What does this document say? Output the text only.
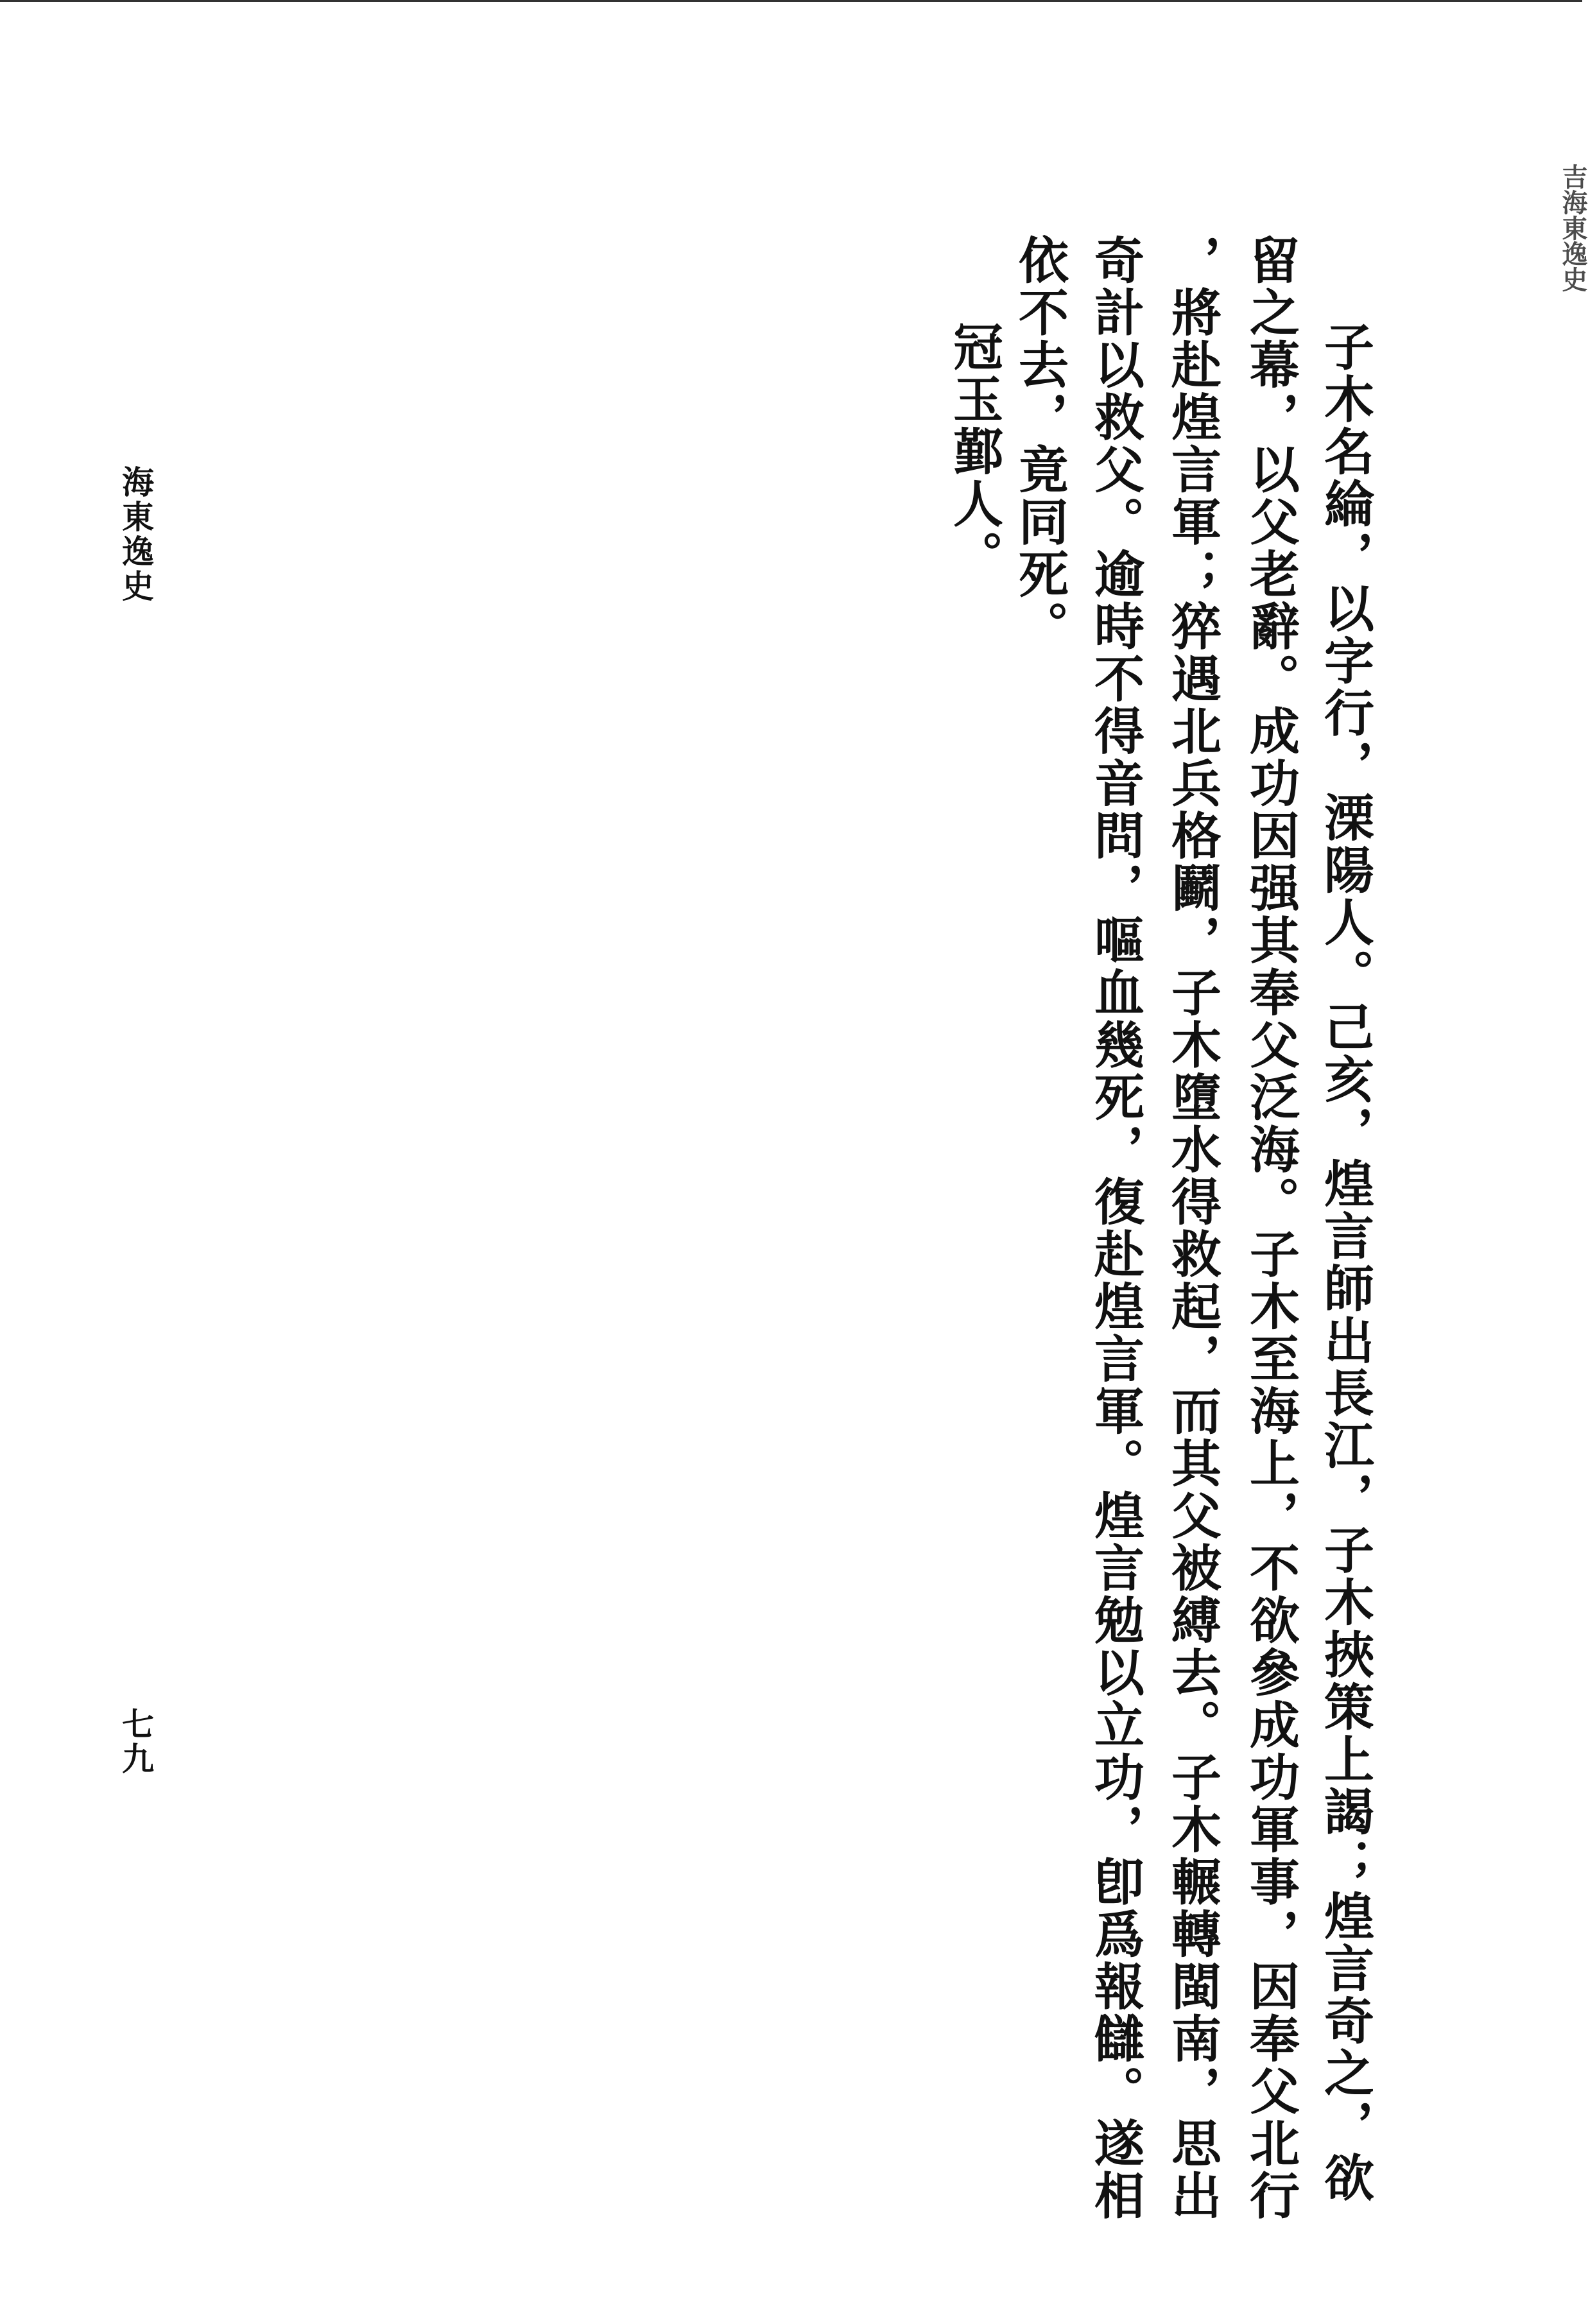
吉海東逸史
子木名綸，以字行，溧陽人。己亥，煌言師出長江，子木挾策上謁；煌言奇之，欲
留之幕，以父老辭。成功因强其奉父泛海。子木至海上，不欲參成功軍事，因奉父北行
，將赴煌言軍；猝遇北兵格鬬，子木墮水得救起，而其父被縛去。子木輾轉閩南，思出
奇計以救父。逾時不得音問，嘔血幾死，復赴煌言軍。煌言勉以立功，卽爲報讎。遂相
依不去，竟同死。
冠玉鄞人。
海東逸史
七九
